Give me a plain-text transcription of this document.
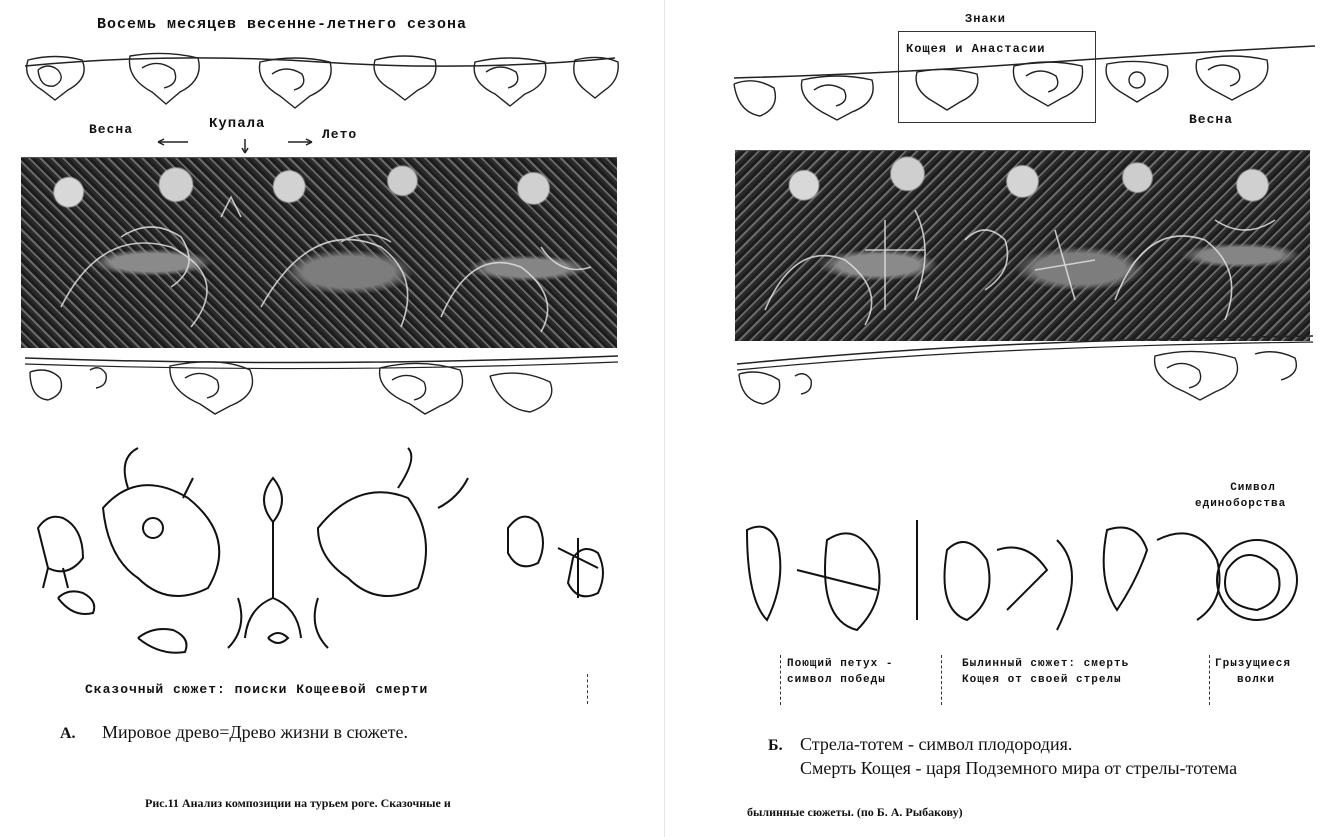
Восемь месяцев весенне-летнего сезона
Весна	Купала
Лето
Сказочный сюжет: поиски Кощеевой смерти
А. Мировое древо=Древо жизни в сюжете.
Рис.11 Анализ композиции на турьем роге. Сказочные и
Знаки
Кощея и Анастасии
Весна
Символ
единоборства
Поющий петух -
символ победы
Былинный сюжет: смерть
Кощея от своей стрелы
Грызущиеся
волки
Б. Стрела-тотем - символ плодородия.
Смерть Кощея - царя Подземного мира от стрелы-тотема
былинные сюжеты. (по Б. А. Рыбакову)
